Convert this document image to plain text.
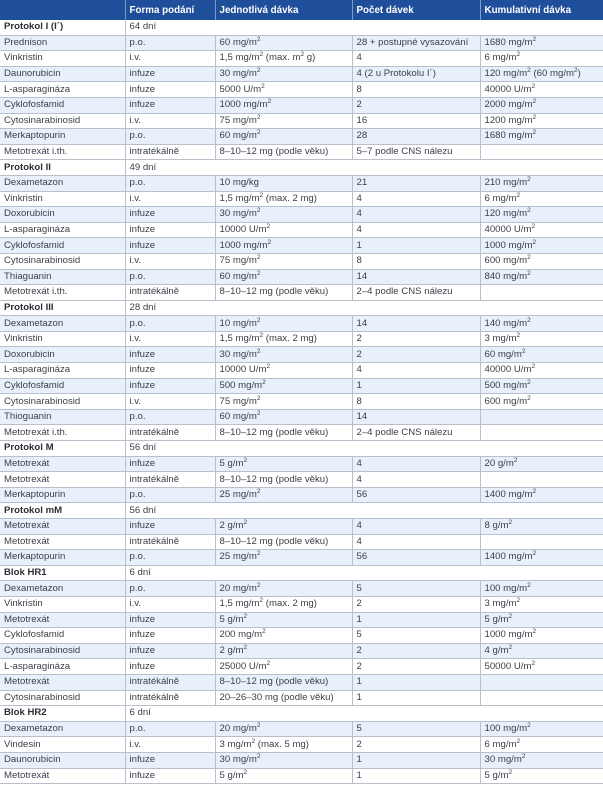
	Forma podání	Jednotlivá dávka	Počet dávek	Kumulativní dávka
Protokol I (I´)	64 dní			
Prednison	p.o.	60 $mg/m^2$	28 + postupné vysazování	1680 $mg/m^2$
Vinkristin	i.v.	1,5 $mg/m^2$ (max. $m^2$ g)	4	6 $mg/m^2$
Daunorubicin	infuze	30 $mg/m^2$	4 (2 u Protokolu I´)	120 $mg/m^2$ (60 $mg/m^2$)
L-asparagináza	infuze	5000 $U/m^2$	8	40000 $U/m^2$
Cyklofosfamid	infuze	1000 $mg/m^2$	2	2000 $mg/m^2$
Cytosinarabinosid	i.v.	75 $mg/m^2$	16	1200 $mg/m^2$
Merkaptopurin	p.o.	60 $mg/m^2$	28	1680 $mg/m^2$
Metotrexát i.th.	intratékálně	8–10–12 mg (podle věku)	5–7 podle CNS nálezu	
Protokol II	49 dní			
Dexametazon	p.o.	10 mg/kg	21	210 $mg/m^2$
Vinkristin	i.v.	1,5 $mg/m^2$ (max. 2 mg)	4	6 $mg/m^2$
Doxorubicin	infuze	30 $mg/m^2$	4	120 $mg/m^2$
L-asparagináza	infuze	10000 $U/m^2$	4	40000 $U/m^2$
Cyklofosfamid	infuze	1000 $mg/m^2$	1	1000 $mg/m^2$
Cytosinarabinosid	i.v.	75 $mg/m^2$	8	600 $mg/m^2$
Thiaguanin	p.o.	60 $mg/m^2$	14	840 $mg/m^2$
Metotrexát i.th.	intratékálně	8–10–12 mg (podle věku)	2–4 podle CNS nálezu	
Protokol III	28 dní			
Dexametazon	p.o.	10 $mg/m^2$	14	140 $mg/m^2$
Vinkristin	i.v.	1,5 $mg/m^2$ (max. 2 mg)	2	3 $mg/m^2$
Doxorubicin	infuze	30 $mg/m^2$	2	60 $mg/m^2$
L-asparagináza	infuze	10000 $U/m^2$	4	40000 $U/m^2$
Cyklofosfamid	infuze	500 $mg/m^2$	1	500 $mg/m^2$
Cytosinarabinosid	i.v.	75 $mg/m^2$	8	600 $mg/m^2$
Thioguanin	p.o.	60 $mg/m^2$	14	
Metotrexát i.th.	intratékálně	8–10–12 mg (podle věku)	2–4 podle CNS nálezu	
Protokol M	56 dní			
Metotrexát	infuze	5 $g/m^2$	4	20 $g/m^2$
Metotrexát	intratékálně	8–10–12 mg (podle věku)	4	
Merkaptopurin	p.o.	25 $mg/m^2$	56	1400 $mg/m^2$
Protokol mM	56 dní			
Metotrexát	infuze	2 $g/m^2$	4	8 $g/m^2$
Metotrexát	intratékálně	8–10–12 mg (podle věku)	4	
Merkaptopurin	p.o.	25 $mg/m^2$	56	1400 $mg/m^2$
Blok HR1	6 dní			
Dexametazon	p.o.	20 $mg/m^2$	5	100 $mg/m^2$
Vinkristin	i.v.	1,5 $mg/m^2$ (max. 2 mg)	2	3 $mg/m^2$
Metotrexát	infuze	5 $g/m^2$	1	5 $g/m^2$
Cyklofosfamid	infuze	200 $mg/m^2$	5	1000 $mg/m^2$
Cytosinarabinosid	infuze	2 $g/m^2$	2	4 $g/m^2$
L-asparagináza	infuze	25000 $U/m^2$	2	50000 $U/m^2$
Metotrexát	intratékálně	8–10–12 mg (podle věku)	1	
Cytosinarabinosid	intratékálně	20–26–30 mg (podle věku)	1	
Blok HR2	6 dní			
Dexametazon	p.o.	20 $mg/m^2$	5	100 $mg/m^2$
Vindesin	i.v.	3 $mg/m^2$ (max. 5 mg)	2	6 $mg/m^2$
Daunorubicin	infuze	30 $mg/m^2$	1	30 $mg/m^2$
Metotrexát	infuze	5 $g/m^2$	1	5 $g/m^2$
